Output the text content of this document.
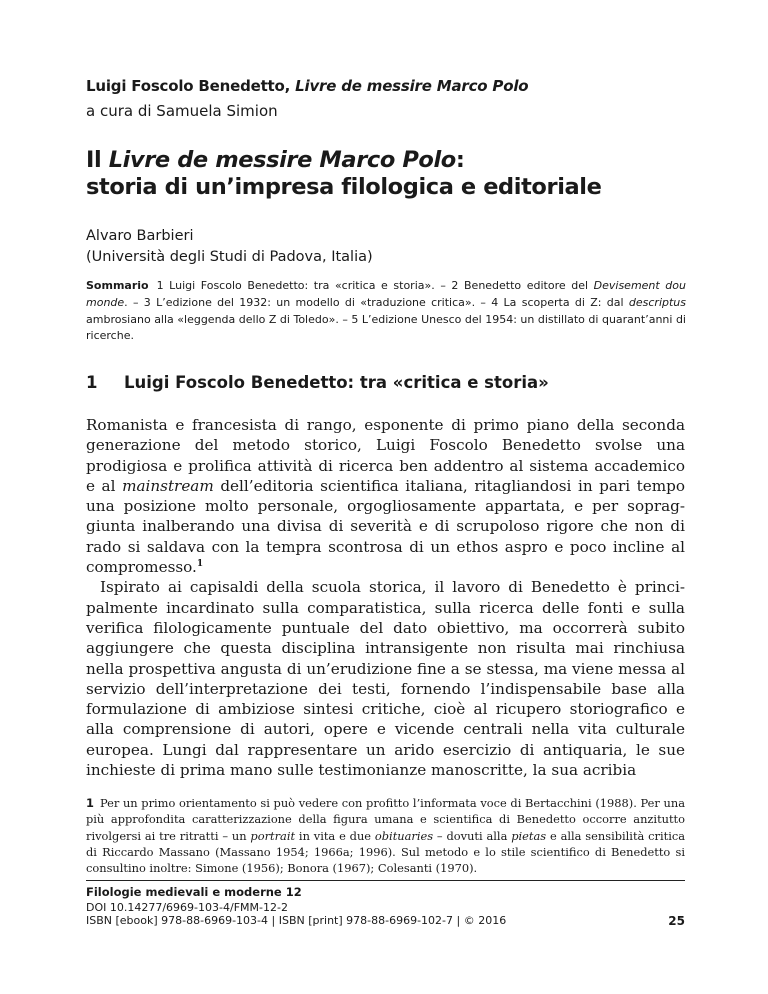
Luigi Foscolo Benedetto, Livre de messire Marco Polo
a cura di Samuela Simion
Il Livre de messire Marco Polo:
storia di un’impresa filologica e editoriale
Alvaro Barbieri
(Università degli Studi di Padova, Italia)
Sommario 1 Luigi Foscolo Benedetto: tra «critica e storia». – 2 Benedetto editore del Devisement dou monde. – 3 L’edizione del 1932: un modello di «traduzione critica». – 4 La scoperta di Z: dal descriptus ambrosiano alla «leggenda dello Z di Toledo». – 5 L’edizione Unesco del 1954: un distillato di quarant’anni di ricerche.
1 Luigi Foscolo Benedetto: tra «critica e storia»

Romanista e francesista di rango, esponente di primo piano della seconda generazione del metodo storico, Luigi Foscolo Benedetto svolse una prodigiosa e prolifica attività di ricerca ben addentro al sistema accademico e al mainstream dell’editoria scientifica italiana, ritagliandosi in pari tempo una posizione molto personale, orgogliosamente appartata, e per sopraggiunta inalberando una divisa di severità e di scrupoloso rigore che non di rado si saldava con la tempra scontrosa di un ethos aspro e poco incline al compromesso.$^1$

Ispirato ai capisaldi della scuola storica, il lavoro di Benedetto è principalmente incardinato sulla comparatistica, sulla ricerca delle fonti e sulla verifica filologicamente puntuale del dato obiettivo, ma occorrerà subito aggiungere che questa disciplina intransigente non risulta mai rinchiusa nella prospettiva angusta di un’erudizione fine a se stessa, ma viene messa al servizio dell’interpretazione dei testi, fornendo l’indispensabile base alla formulazione di ambiziose sintesi critiche, cioè al ricupero storiografico e alla comprensione di autori, opere e vicende centrali nella vita culturale europea. Lungi dal rappresentare un arido esercizio di antiquaria, le sue inchieste di prima mano sulle testimonianze manoscritte, la sua acribia

1 Per un primo orientamento si può vedere con profitto l’informata voce di Bertacchini (1988). Per una più approfondita caratterizzazione della figura umana e scientifica di Benedetto occorre anzitutto rivolgersi ai tre ritratti – un portrait in vita e due obituaries – dovuti alla pietas e alla sensibilità critica di Riccardo Massano (Massano 1954; 1966a; 1996). Sul metodo e lo stile scientifico di Benedetto si consultino inoltre: Simone (1956); Bonora (1967); Colesanti (1970).
Filologie medievali e moderne 12
DOI 10.14277/6969-103-4/FMM-12-2
ISBN [ebook] 978-88-6969-103-4 | ISBN [print] 978-88-6969-102-7 | © 2016	25
